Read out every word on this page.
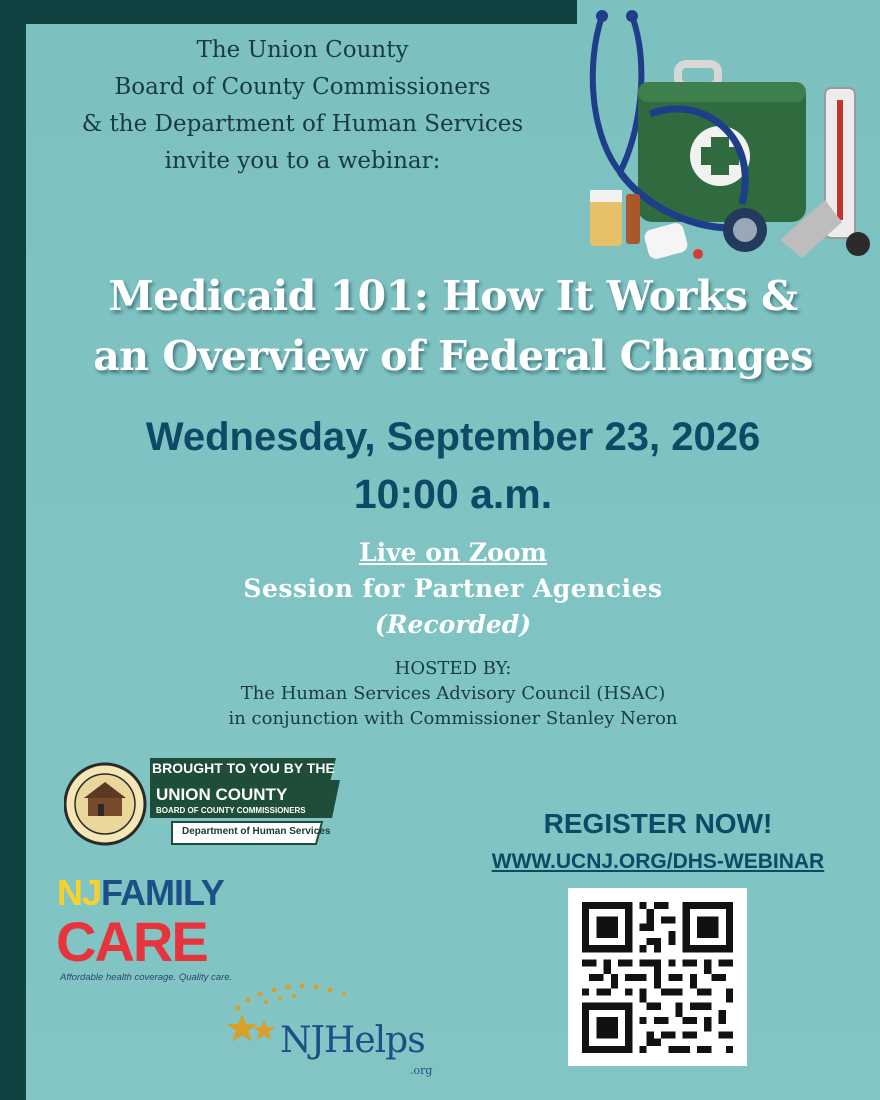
The Union County
Board of County Commissioners
& the Department of Human Services
invite you to a webinar:
Medicaid 101: How It Works &
an Overview of Federal Changes
Wednesday, September 23, 2026
10:00 a.m.
Live on Zoom
Session for Partner Agencies
(Recorded)
HOSTED BY:
The Human Services Advisory Council (HSAC)
in conjunction with Commissioner Stanley Neron
BROUGHT TO YOU BY THE
UNION COUNTY
BOARD OF COUNTY COMMISSIONERS
Department of Human Services
NJFAMILY
CARE
Affordable health coverage. Quality care.
NJHelps
.org
REGISTER NOW!
WWW.UCNJ.ORG/DHS-WEBINAR
